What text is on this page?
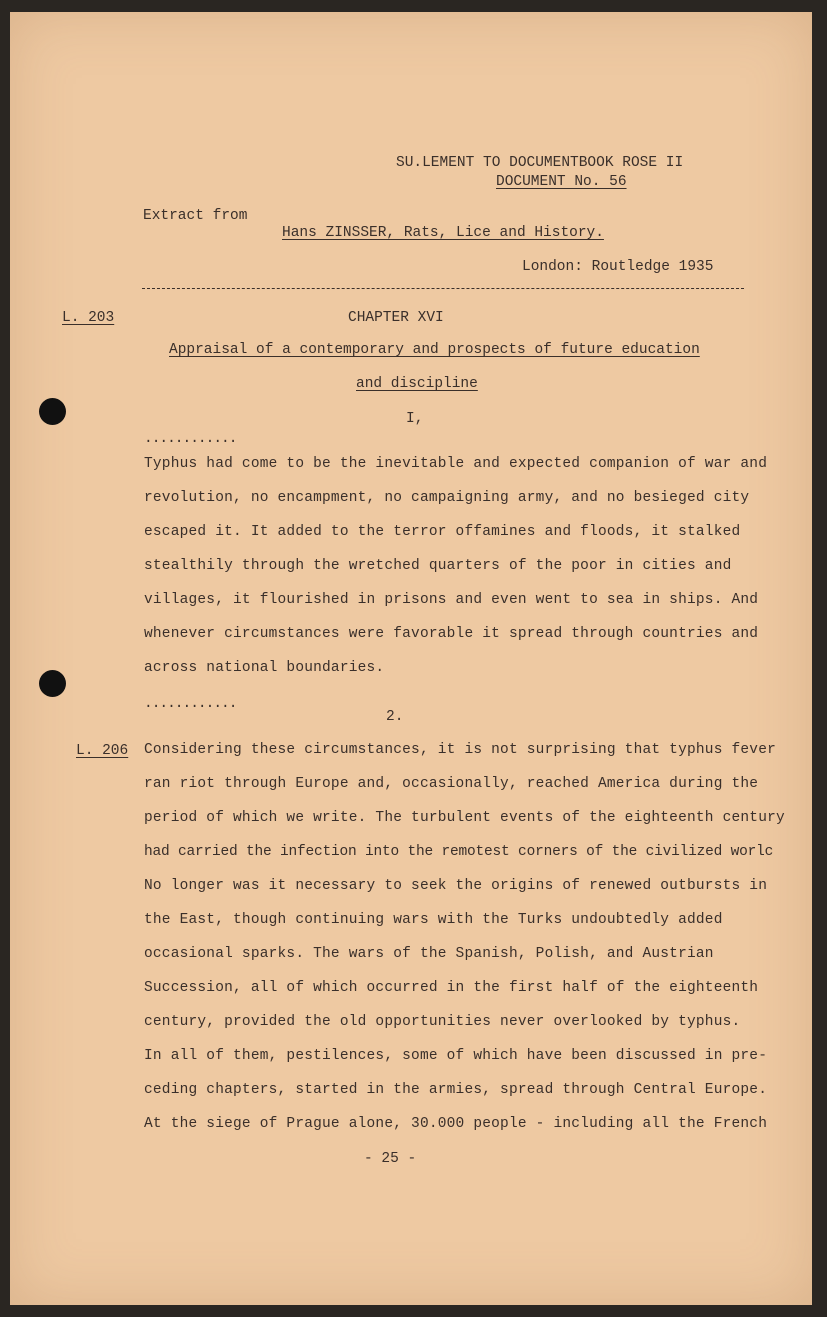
SU.LEMENT TO DOCUMENTBOOK ROSE II
DOCUMENT No. 56
Extract from
Hans ZINSSER, Rats, Lice and History.
London: Routledge 1935
L. 203	CHAPTER XVI
Appraisal of a contemporary and prospects of future education
and discipline
I,
............
Typhus had come to be the inevitable and expected companion of war and
revolution, no encampment, no campaigning army, and no besieged city
escaped it. It added to the terror offamines and floods, it stalked
stealthily through the wretched quarters of the poor in cities and
villages, it flourished in prisons and even went to sea in ships. And
whenever circumstances were favorable it spread through countries and
across national boundaries.
............
2.
L. 206 Considering these circumstances, it is not surprising that typhus fever
ran riot through Europe and, occasionally, reached America during the
period of which we write. The turbulent events of the eighteenth century
had carried the infection into the remotest corners of the civilized worlc
No longer was it necessary to seek the origins of renewed outbursts in
the East, though continuing wars with the Turks undoubtedly added
occasional sparks. The wars of the Spanish, Polish, and Austrian
Succession, all of which occurred in the first half of the eighteenth
century, provided the old opportunities never overlooked by typhus.
In all of them, pestilences, some of which have been discussed in pre-
ceding chapters, started in the armies, spread through Central Europe.
At the siege of Prague alone, 30.000 people - including all the French
- 25 -
